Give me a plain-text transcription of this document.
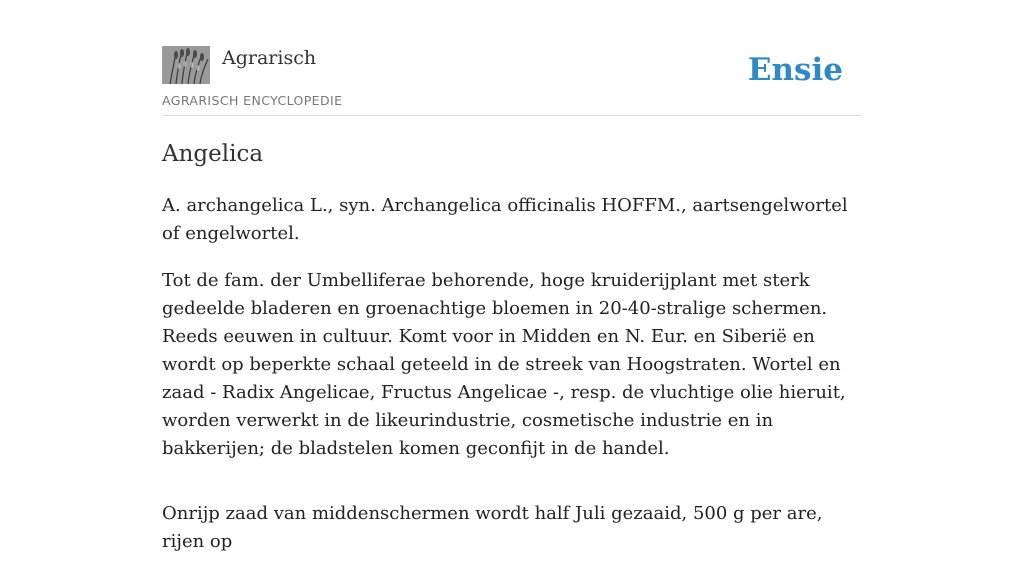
Agrarisch
AGRARISCH ENCYCLOPEDIE
Ensie
Angelica

A. archangelica L., syn. Archangelica officinalis HOFFM., aartsengelwortel of engelwortel.

Tot de fam. der Umbelliferae behorende, hoge kruiderijplant met sterk gedeelde bladeren en groenachtige bloemen in 20-40-stralige schermen. Reeds eeuwen in cultuur. Komt voor in Midden en N. Eur. en Siberië en wordt op beperkte schaal geteeld in de streek van Hoogstraten. Wortel en zaad - Radix Angelicae, Fructus Angelicae -, resp. de vluchtige olie hieruit, worden verwerkt in de likeurindustrie, cosmetische industrie en in bakkerijen; de bladstelen komen geconfijt in de handel.

Onrijp zaad van middenschermen wordt half Juli gezaaid, 500 g per are, rijen op
